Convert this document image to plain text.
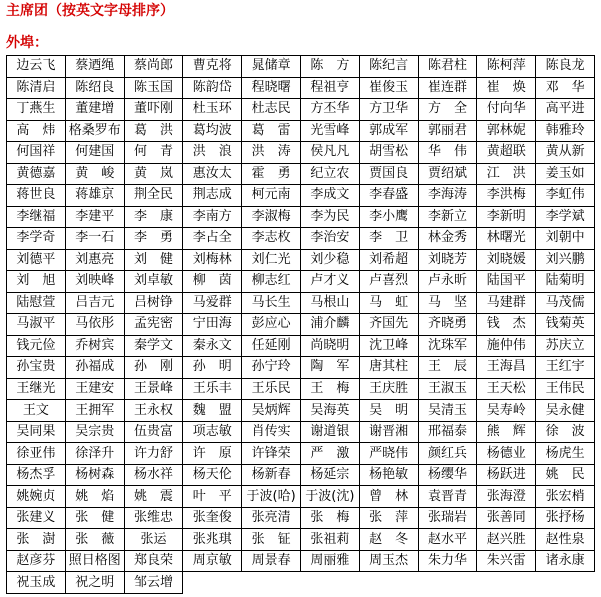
主席团（按英文字母排序）
外埠：
边云飞	蔡迺绳	蔡尚郎	曹克将	晁储章	陈　方	陈纪言	陈君柱	陈柯萍	陈良龙
陈清启	陈绍良	陈玉国	陈韵岱	程晓曙	程祖亨	崔俊玉	崔连群	崔　焕	邓　华
丁燕生	董建增	董吓刚	杜玉环	杜志民	方丕华	方卫华	方　全	付向华	高平进
高　炜	格桑罗布	葛　洪	葛均波	葛　雷	光雪峰	郭成军	郭丽君	郭林妮	韩雅玲
何国祥	何建国	何　青	洪　浪	洪　涛	侯凡凡	胡雪松	华　伟	黄超联	黄从新
黄德嘉	黄　峻	黄　岚	惠汝太	霍　勇	纪立农	贾国良	贾绍斌	江　洪	姜玉如
蒋世良	蒋雄京	荆全民	荆志成	柯元南	李成文	李春盛	李海涛	李洪梅	李虹伟
李继福	李建平	李　康	李南方	李淑梅	李为民	李小鹰	李新立	李新明	李学斌
李学奇	李一石	李　勇	李占全	李志枚	李治安	李　卫	林金秀	林曙光	刘朝中
刘德平	刘惠亮	刘　健	刘梅林	刘仁光	刘少稳	刘希超	刘晓芳	刘晓媛	刘兴鹏
刘　旭	刘映峰	刘卓敏	柳　茵	柳志红	卢才义	卢喜烈	卢永昕	陆国平	陆菊明
陆慰萱	吕吉元	吕树铮	马爱群	马长生	马根山	马　虹	马　坚	马建群	马茂儒
马淑平	马依彤	孟宪密	宁田海	彭应心	浦介麟	齐国先	齐晓勇	钱　杰	钱菊英
钱元俭	乔树宾	秦学文	秦永文	任延刚	尚晓明	沈卫峰	沈珠军	施仲伟	苏庆立
孙宝贵	孙福成	孙　刚	孙　明	孙宁玲	陶　军	唐其柱	王　辰	王海昌	王红宇
王继光	王建安	王景峰	王乐丰	王乐民	王　梅	王庆胜	王淑玉	王天松	王伟民
王文	王拥军	王永权	魏　盟	吴炳辉	吴海英	吴　明	吴清玉	吴寿岭	吴永健
吴同果	吴宗贵	伍贵富	项志敏	肖传实	谢道银	谢晋湘	邢福泰	熊　辉	徐　波
徐亚伟	徐泽升	许力舒	许　原	许锋荣	严　激	严晓伟	颜红兵	杨德业	杨虎生
杨杰孚	杨树森	杨水祥	杨天伦	杨新春	杨延宗	杨艳敏	杨缨华	杨跃进	姚　民
姚婉贞	姚　焰	姚　震	叶　平	于波(哈)	于波(沈)	曾　林	袁晋青	张海澄	张宏梢
张建义	张　健	张维忠	张奎俊	张亮清	张　梅	张　萍	张瑞岩	张善同	张抒杨
张　澍	张　薇	张运	张兆琪	张　钲	张祖莉	赵　冬	赵水平	赵兴胜	赵性泉
赵彦芬	照日格图	郑良荣	周京敏	周景春	周丽雅	周玉杰	朱力华	朱兴雷	诸永康
祝玉成	祝之明	邹云增							
